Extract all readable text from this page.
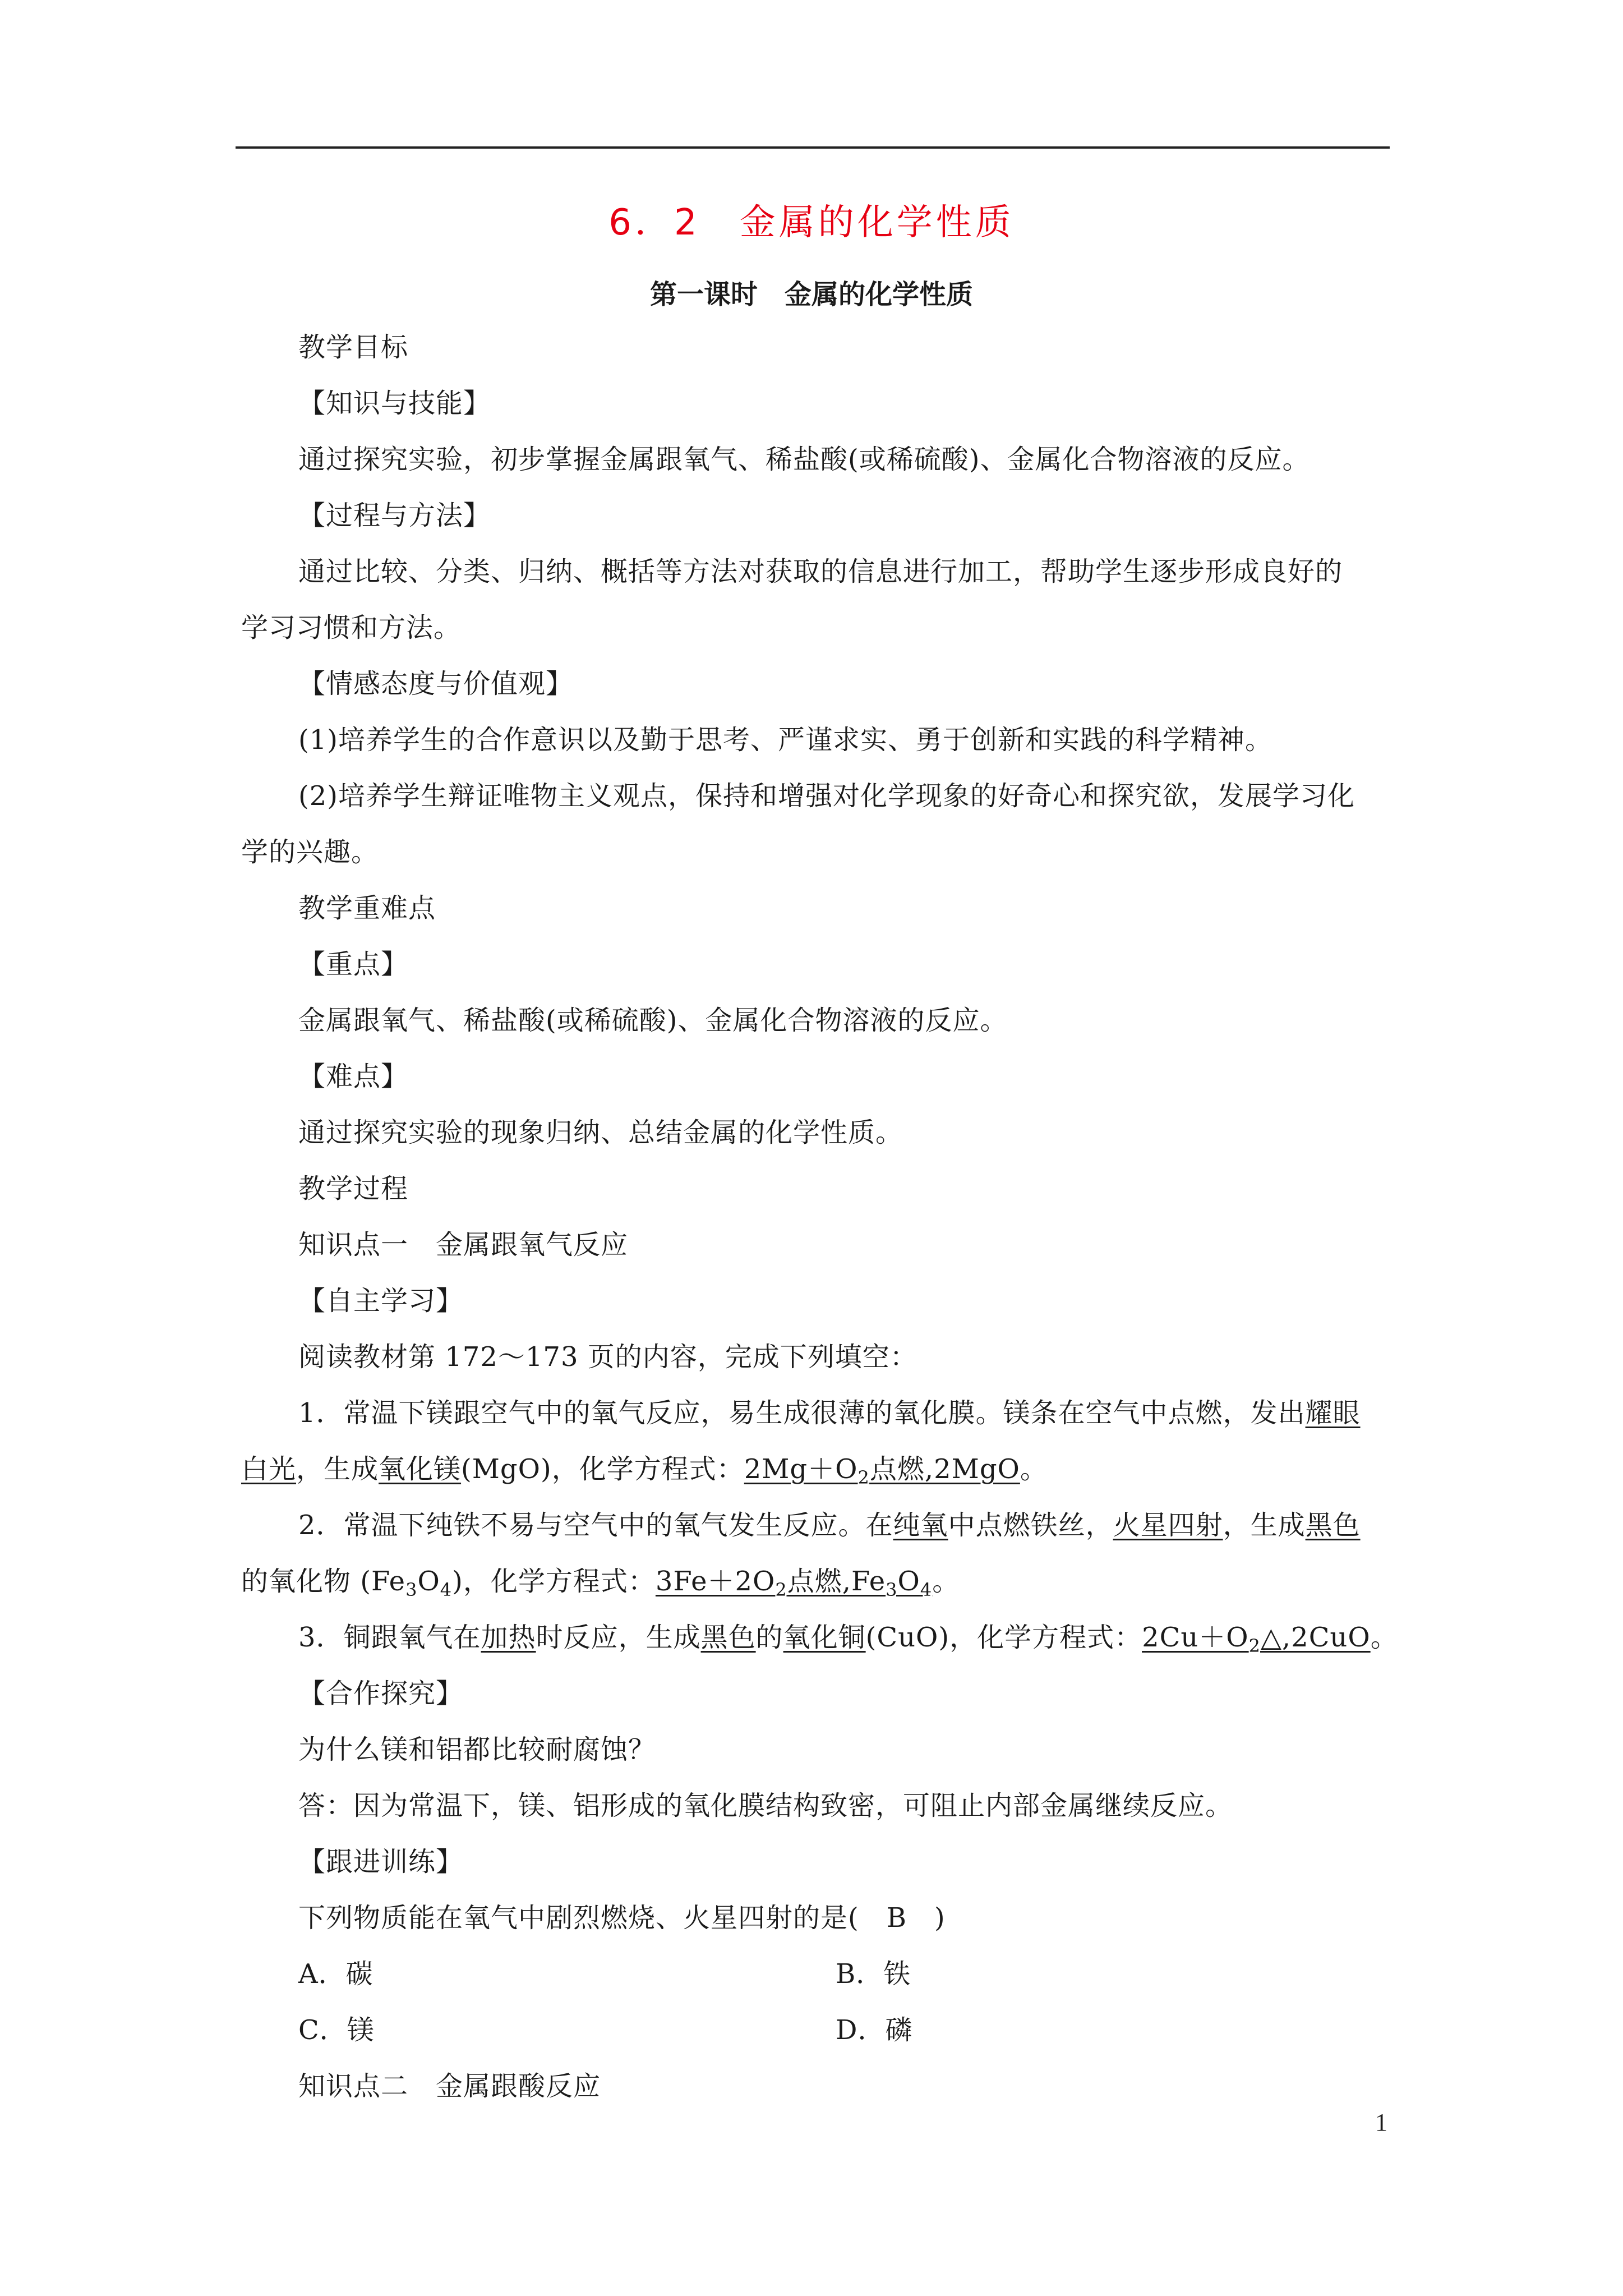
6．2　金属的化学性质
第一课时　金属的化学性质
教学目标
【知识与技能】
通过探究实验，初步掌握金属跟氧气、稀盐酸(或稀硫酸)、金属化合物溶液的反应。
【过程与方法】
通过比较、分类、归纳、概括等方法对获取的信息进行加工，帮助学生逐步形成良好的
学习习惯和方法。
【情感态度与价值观】
(1)培养学生的合作意识以及勤于思考、严谨求实、勇于创新和实践的科学精神。
(2)培养学生辩证唯物主义观点，保持和增强对化学现象的好奇心和探究欲，发展学习化
学的兴趣。
教学重难点
【重点】
金属跟氧气、稀盐酸(或稀硫酸)、金属化合物溶液的反应。
【难点】
通过探究实验的现象归纳、总结金属的化学性质。
教学过程
知识点一　金属跟氧气反应
【自主学习】
阅读教材第 172～173 页的内容，完成下列填空：
1．常温下镁跟空气中的氧气反应，易生成很薄的氧化膜。镁条在空气中点燃，发出耀眼
白光，生成氧化镁(MgO)，化学方程式：$2Mg+O_2$点燃,2MgO。
2．常温下纯铁不易与空气中的氧气发生反应。在纯氧中点燃铁丝，火星四射，生成黑色
的氧化物 $(Fe_3O_4)$，化学方程式：$3Fe+2O_2$点燃$,Fe_3O_4$。
3．铜跟氧气在加热时反应，生成黑色的氧化铜(CuO)，化学方程式：$2Cu+O_2\triangle,2CuO$。
【合作探究】
为什么镁和铝都比较耐腐蚀？
答：因为常温下，镁、铝形成的氧化膜结构致密，可阻止内部金属继续反应。
【跟进训练】
下列物质能在氧气中剧烈燃烧、火星四射的是(　B　)
A．碳	B．铁
C．镁	D．磷
知识点二　金属跟酸反应
1
